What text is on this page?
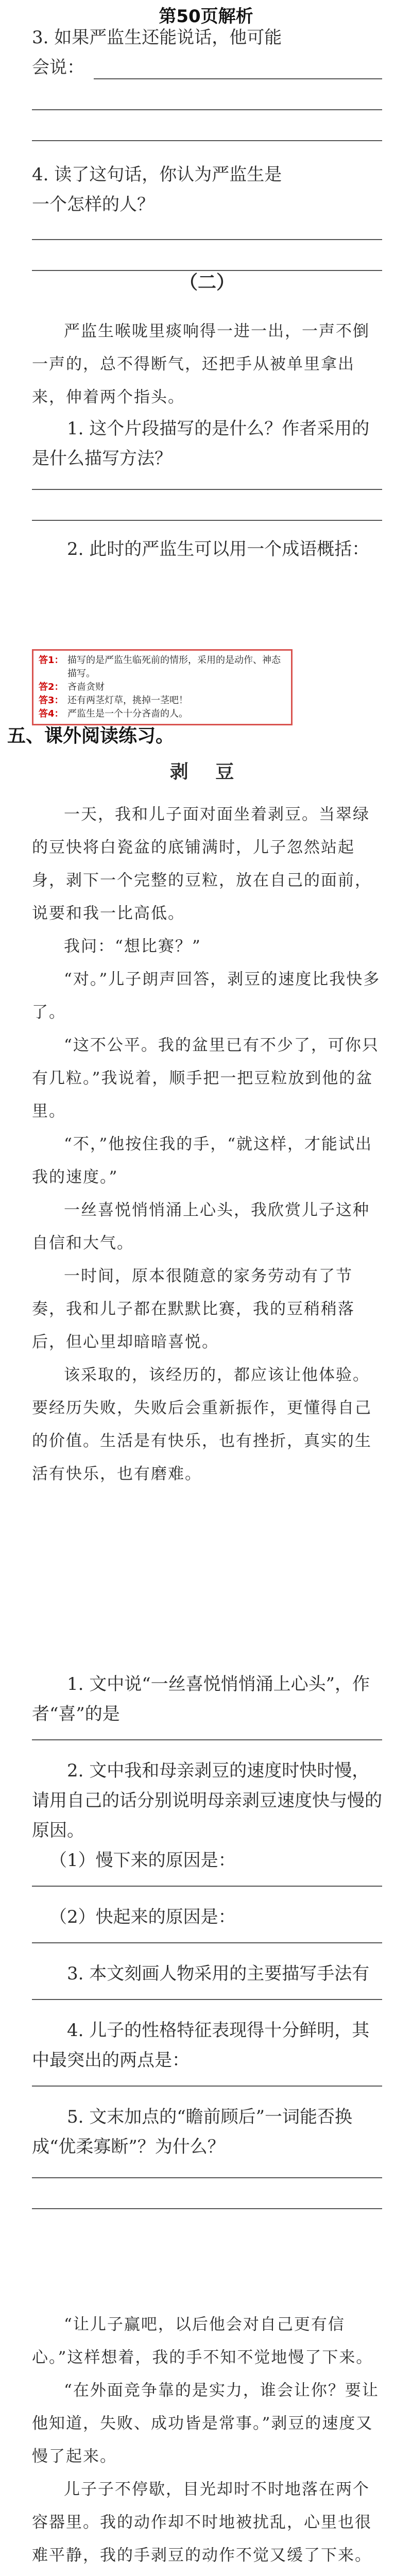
第50页解析

3. 如果严监生还能说话，他可能

会说：

4. 读了这句话，你认为严监生是

一个怎样的人？

（二）

严监生喉咙里痰响得一进一出，一声不倒一声的，总不得断气，还把手从被单里拿出来，伸着两个指头。

1. 这个片段描写的是什么？作者采用的是什么描写方法？

2. 此时的严监生可以用一个成语概括：

答1： 描写的是严监生临死前的情形，采用的是动作、神态描写。
答2： 吝啬贪财
答3： 还有两茎灯草，挑掉一茎吧！
答4： 严监生是一个十分吝啬的人。
五、课外阅读练习。
剥 豆

一天，我和儿子面对面坐着剥豆。当翠绿的豆快将白瓷盆的底铺满时，儿子忽然站起身，剥下一个完整的豆粒，放在自己的面前，说要和我一比高低。

我问：“想比赛？”

“对。”儿子朗声回答，剥豆的速度比我快多了。

“这不公平。我的盆里已有不少了，可你只有几粒。”我说着，顺手把一把豆粒放到他的盆里。

“不，”他按住我的手，“就这样，才能试出我的速度。”

一丝喜悦悄悄涌上心头，我欣赏儿子这种自信和大气。

一时间，原本很随意的家务劳动有了节奏，我和儿子都在默默比赛，我的豆稍稍落后，但心里却暗暗喜悦。

该采取的，该经历的，都应该让他体验。要经历失败，失败后会重新振作，更懂得自己的价值。生活是有快乐，也有挫折，真实的生活有快乐，也有磨难。

1. 文中说“一丝喜悦悄悄涌上心头”，作者“喜”的是

2. 文中我和母亲剥豆的速度时快时慢，请用自己的话分别说明母亲剥豆速度快与慢的原因。

（1）慢下来的原因是：

（2）快起来的原因是：

3. 本文刻画人物采用的主要描写手法有

4. 儿子的性格特征表现得十分鲜明，其中最突出的两点是：

5. 文末加点的“瞻前顾后”一词能否换成“优柔寡断”？为什么？

“让儿子赢吧，以后他会对自己更有信心。”这样想着，我的手不知不觉地慢了下来。

“在外面竞争靠的是实力，谁会让你？要让他知道，失败、成功皆是常事。”剥豆的速度又慢了起来。

儿子子不停歇，目光却时不时地落在两个容器里。我的动作却不时地被扰乱，心里也很难平静，我的手剥豆的动作不觉又缓了下来。
